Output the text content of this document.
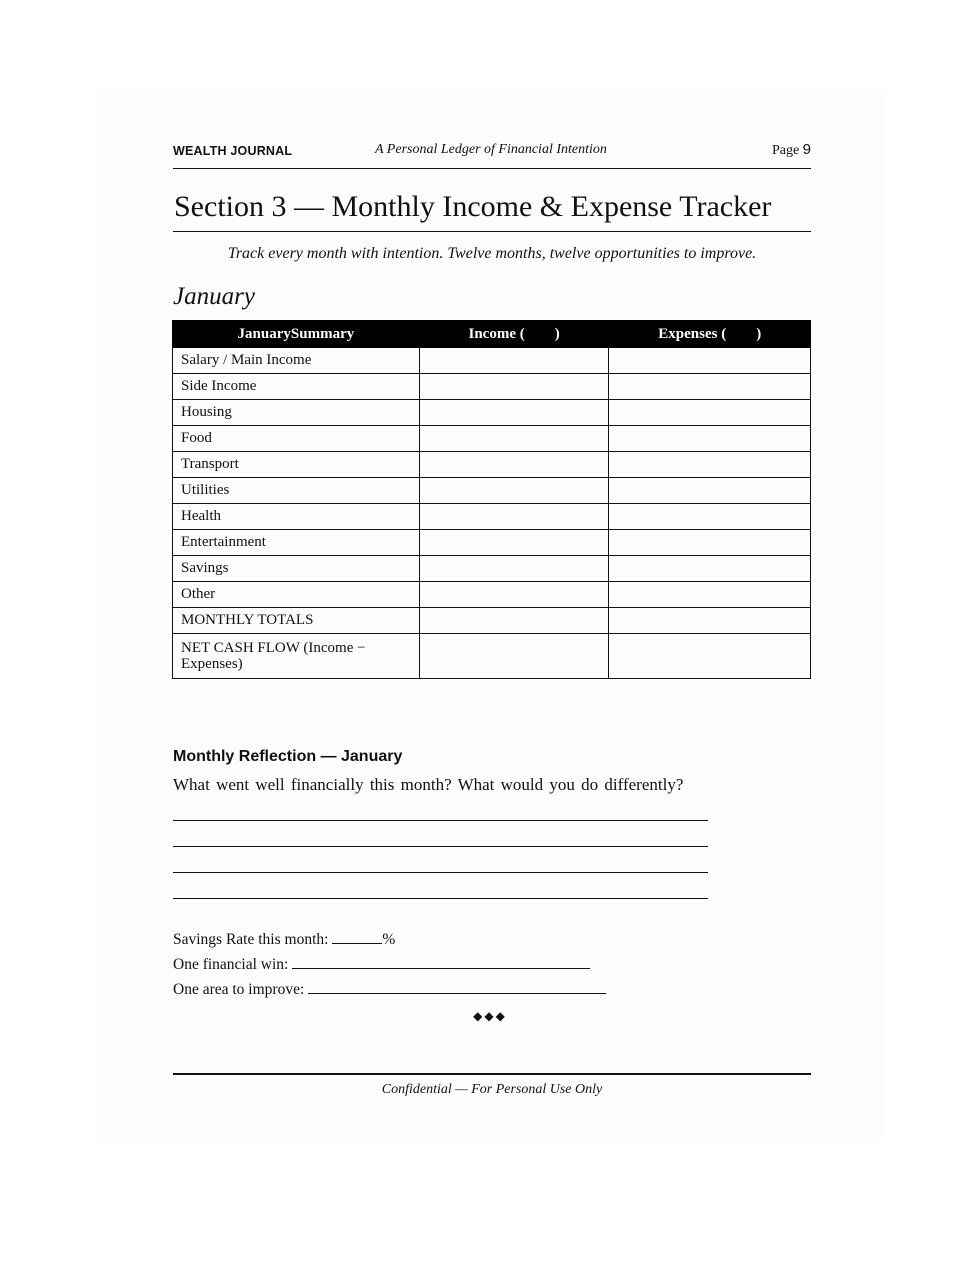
WEALTH JOURNAL	A Personal Ledger of Financial Intention	Page 9
Section 3 — Monthly Income & Expense Tracker
Track every month with intention. Twelve months, twelve opportunities to improve.
January
JanuarySummary	Income (        )	Expenses (        )
Salary / Main Income		
Side Income		
Housing		
Food		
Transport		
Utilities		
Health		
Entertainment		
Savings		
Other		
MONTHLY TOTALS		
NET CASH FLOW (Income − Expenses)		
Monthly Reflection — January
What went well financially this month? What would you do differently?
Savings Rate this month:	%
One financial win:
One area to improve:
◆◆◆
Confidential — For Personal Use Only
